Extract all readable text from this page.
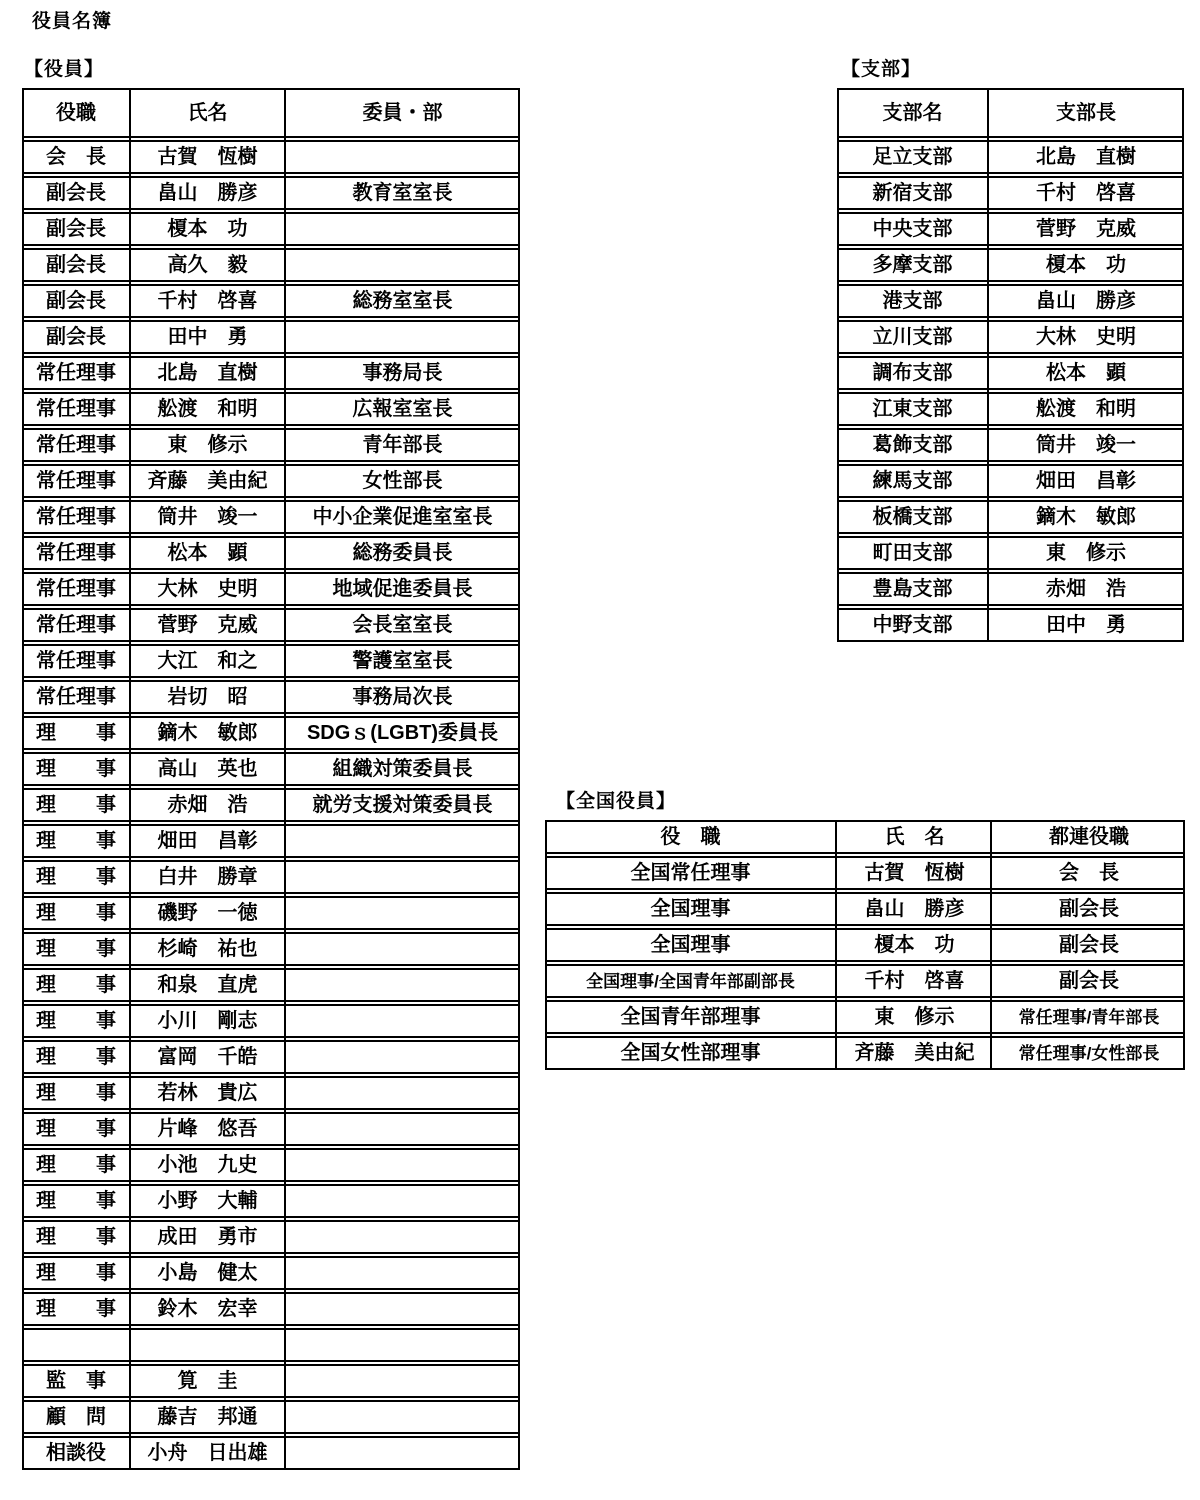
役員名簿
【役員】
役職	氏名	委員・部
会　長	古賀　恆樹
副会長	畠山　勝彦	教育室室長
副会長	榎本　功
副会長	高久　毅
副会長	千村　啓喜	総務室室長
副会長	田中　勇
常任理事	北島　直樹	事務局長
常任理事	舩渡　和明	広報室室長
常任理事	東　修示	青年部長
常任理事	斉藤　美由紀	女性部長
常任理事	筒井　竣一	中小企業促進室室長
常任理事	松本　顕	総務委員長
常任理事	大林　史明	地域促進委員長
常任理事	菅野　克威	会長室室長
常任理事	大江　和之	警護室室長
常任理事	岩切　昭	事務局次長
理　　事	鏑木　敏郎	SDGｓ(LGBT)委員長
理　　事	高山　英也	組織対策委員長
理　　事	赤畑　浩	就労支援対策委員長
理　　事	畑田　昌彰
理　　事	白井　勝章
理　　事	磯野　一徳
理　　事	杉崎　祐也
理　　事	和泉　直虎
理　　事	小川　剛志
理　　事	富岡　千皓
理　　事	若林　貴広
理　　事	片峰　悠吾
理　　事	小池　九史
理　　事	小野　大輔
理　　事	成田　勇市
理　　事	小島　健太
理　　事	鈴木　宏幸
監　事	筧　圭
顧　問	藤吉　邦通
相談役	小舟　日出雄
【支部】
支部名	支部長
足立支部	北島　直樹
新宿支部	千村　啓喜
中央支部	菅野　克威
多摩支部	榎本　功
港支部	畠山　勝彦
立川支部	大林　史明
調布支部	松本　顕
江東支部	舩渡　和明
葛飾支部	筒井　竣一
練馬支部	畑田　昌彰
板橋支部	鏑木　敏郎
町田支部	東　修示
豊島支部	赤畑　浩
中野支部	田中　勇
【全国役員】
役　職	氏　名	都連役職
全国常任理事	古賀　恆樹	会　長
全国理事	畠山　勝彦	副会長
全国理事	榎本　功	副会長
全国理事/全国青年部副部長	千村　啓喜	副会長
全国青年部理事	東　修示	常任理事/青年部長
全国女性部理事	斉藤　美由紀	常任理事/女性部長
